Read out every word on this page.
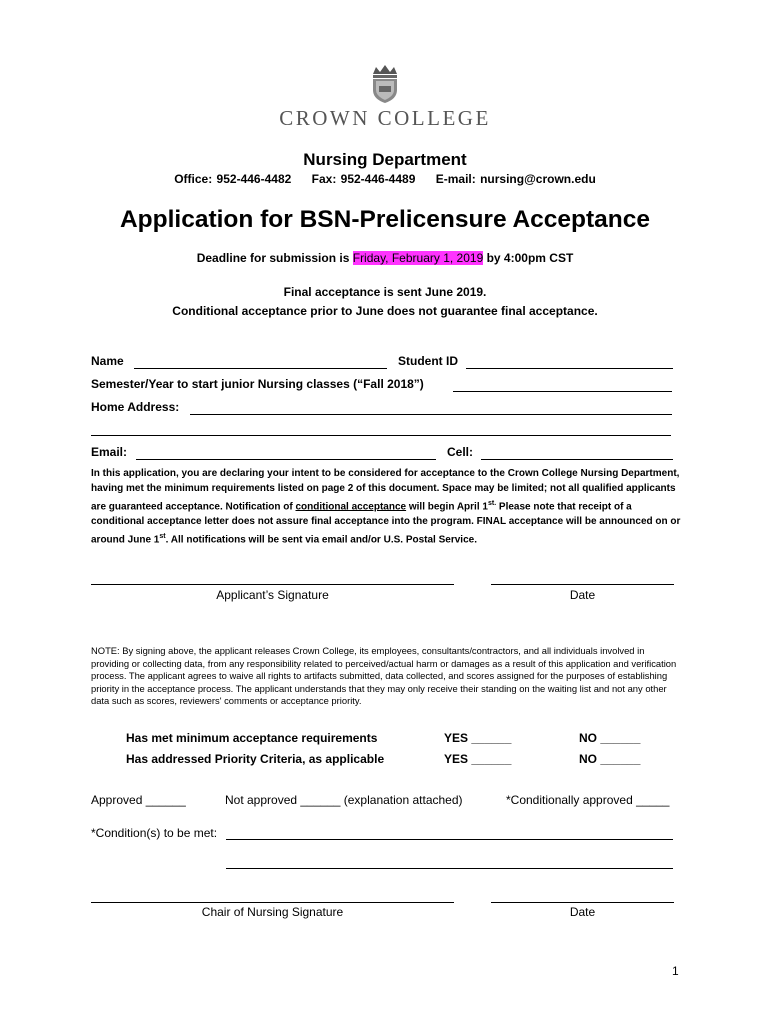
CROWN COLLEGE
Nursing Department
Office: 952-446-4482 Fax: 952-446-4489 E-mail: nursing@crown.edu
Application for BSN-Prelicensure Acceptance
Deadline for submission is Friday, February 1, 2019 by 4:00pm CST
Final acceptance is sent June 2019.
Conditional acceptance prior to June does not guarantee final acceptance.
Name	Student ID
Semester/Year to start junior Nursing classes (“Fall 2018”)
Home Address:
Email:	Cell:
In this application, you are declaring your intent to be considered for acceptance to the Crown College Nursing Department, having met the minimum requirements listed on page 2 of this document. Space may be limited; not all qualified applicants are guaranteed acceptance. Notification of conditional acceptance will begin April $1^{st.}$ Please note that receipt of a conditional acceptance letter does not assure final acceptance into the program. FINAL acceptance will be announced on or around June 1st. All notifications will be sent via email and/or U.S. Postal Service.
Applicant’s Signature	Date
NOTE: By signing above, the applicant releases Crown College, its employees, consultants/contractors, and all individuals involved in providing or collecting data, from any responsibility related to perceived/actual harm or damages as a result of this application and verification process. The applicant agrees to waive all rights to artifacts submitted, data collected, and scores assigned for the purposes of establishing priority in the acceptance process. The applicant understands that they may only receive their standing on the waiting list and not any other data such as scores, reviewers' comments or acceptance priority.
Has met minimum acceptance requirements	YES ______	NO ______
Has addressed Priority Criteria, as applicable	YES ______	NO ______
Approved ______	Not approved ______ (explanation attached)	*Conditionally approved _____
*Condition(s) to be met:
Chair of Nursing Signature	Date
1
